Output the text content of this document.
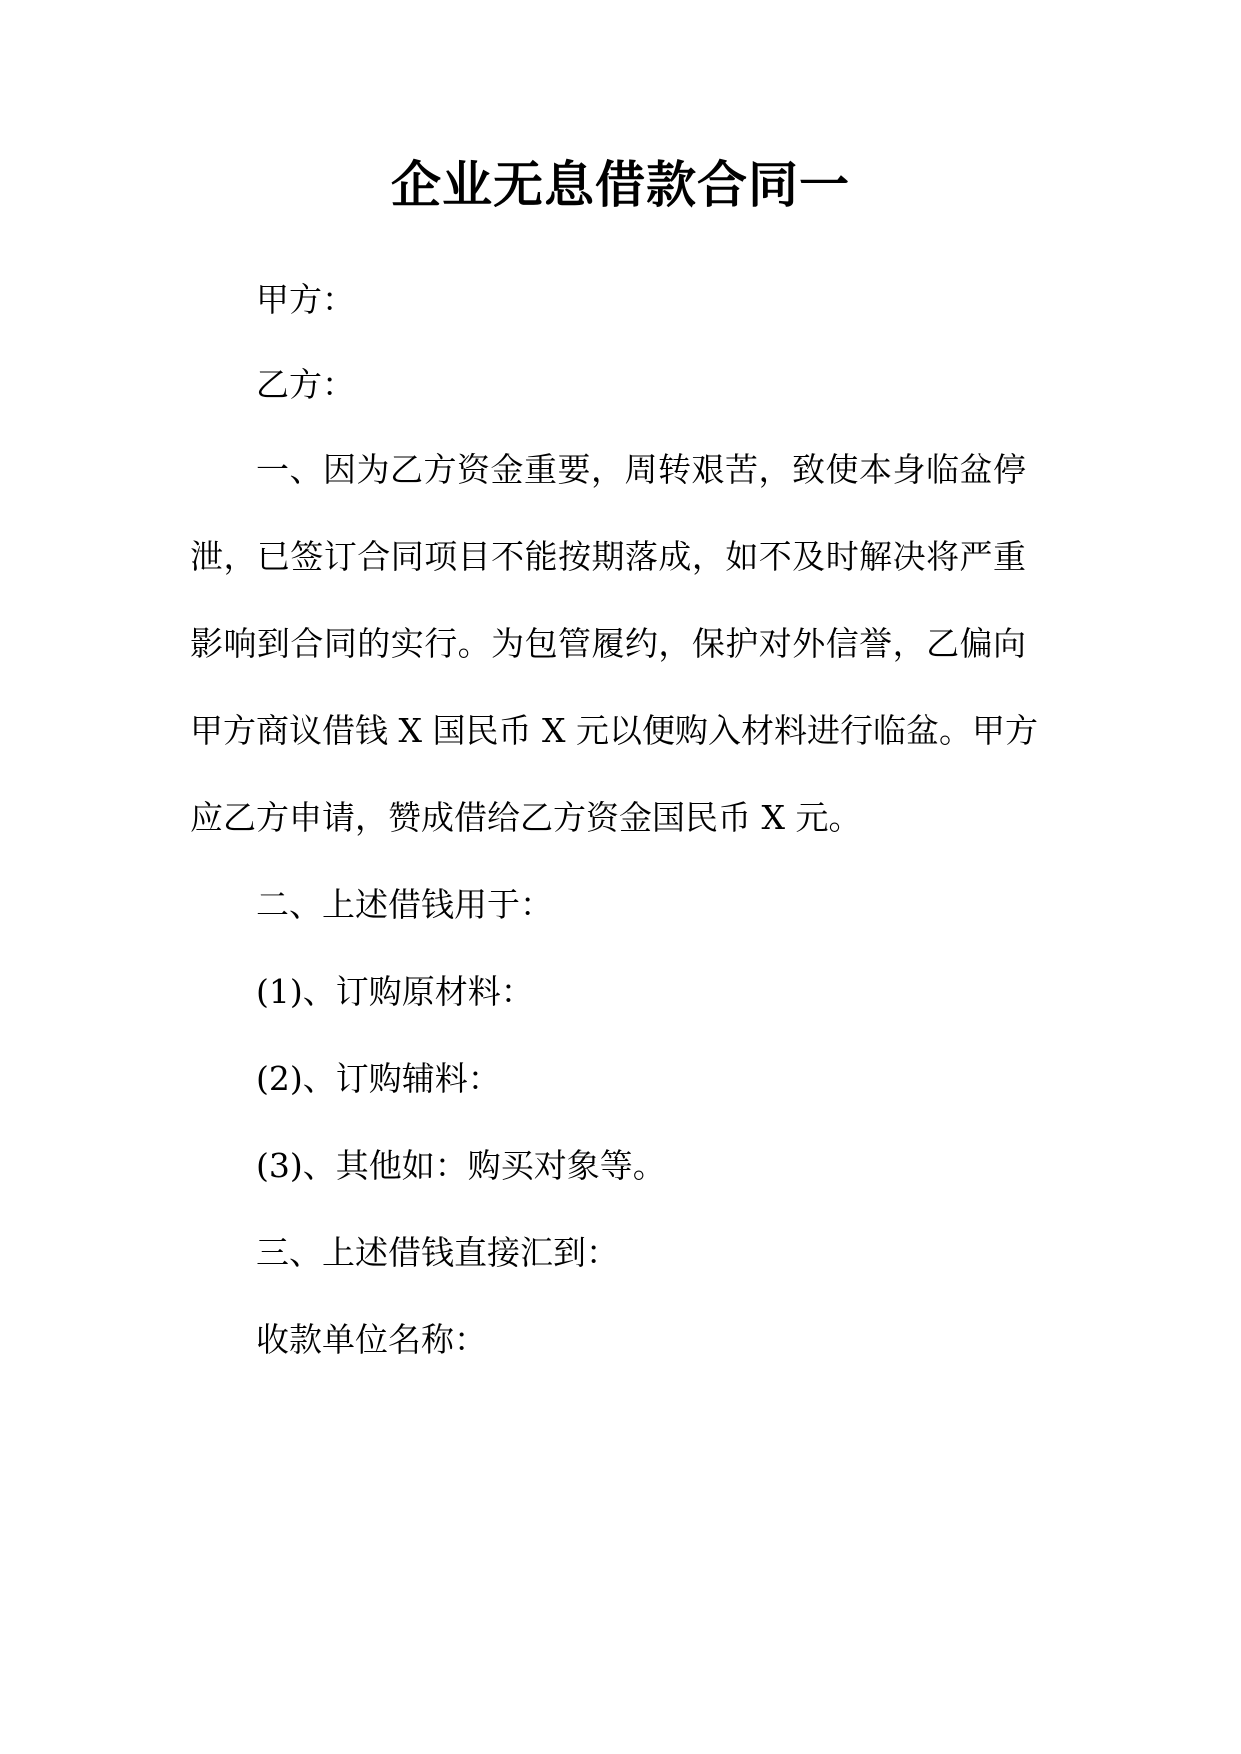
企业无息借款合同一
甲方：
乙方：
一、因为乙方资金重要，周转艰苦，致使本身临盆停
泄，已签订合同项目不能按期落成，如不及时解决将严重
影响到合同的实行。为包管履约，保护对外信誉，乙偏向
甲方商议借钱 X 国民币 X 元以便购入材料进行临盆。甲方
应乙方申请，赞成借给乙方资金国民币 X 元。
二、上述借钱用于：
(1)、订购原材料：
(2)、订购辅料：
(3)、其他如：购买对象等。
三、上述借钱直接汇到：
收款单位名称：
